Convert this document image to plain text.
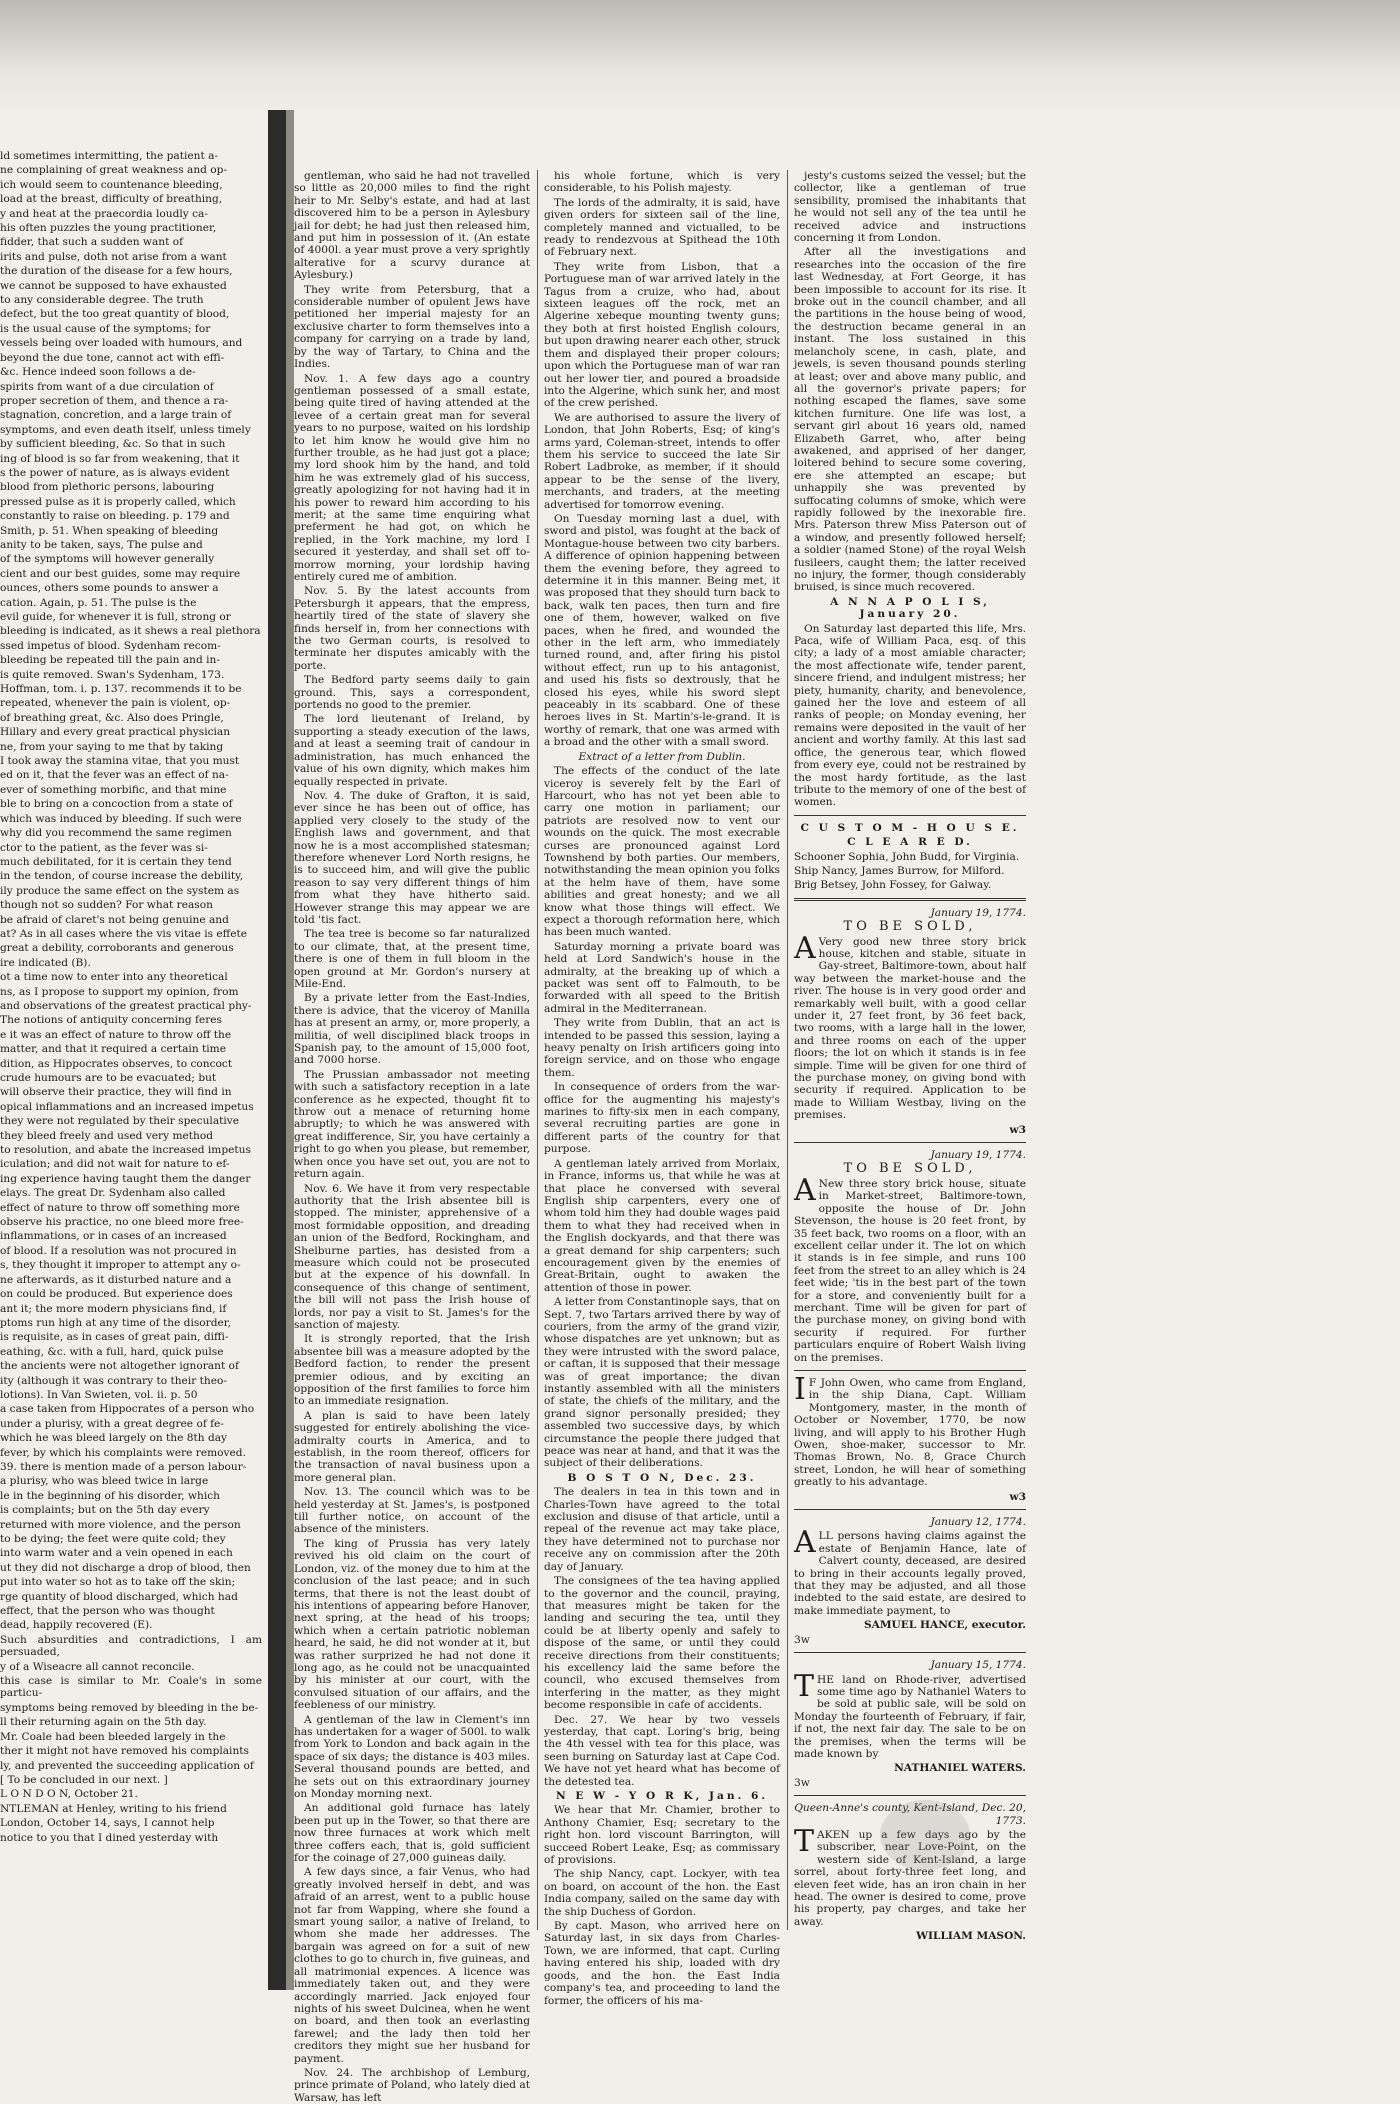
ld sometimes intermitting, the patient a-

ne complaining of great weakness and op-

ich would seem to countenance bleeding,

load at the breast, difficulty of breathing,

y and heat at the praecordia loudly ca-

his often puzzles the young practitioner,

fidder, that such a sudden want of

irits and pulse, doth not arise from a want

the duration of the disease for a few hours,

we cannot be supposed to have exhausted

to any considerable degree. The truth

defect, but the too great quantity of blood,

is the usual cause of the symptoms; for

vessels being over loaded with humours, and

beyond the due tone, cannot act with effi-

&c. Hence indeed soon follows a de-

spirits from want of a due circulation of

proper secretion of them, and thence a ra-

stagnation, concretion, and a large train of

symptoms, and even death itself, unless timely

by sufficient bleeding, &c. So that in such

ing of blood is so far from weakening, that it

s the power of nature, as is always evident

blood from plethoric persons, labouring

pressed pulse as it is properly called, which

constantly to raise on bleeding. p. 179 and

Smith, p. 51. When speaking of bleeding

anity to be taken, says, The pulse and

of the symptoms will however generally

cient and our best guides, some may require

ounces, others some pounds to answer a

cation. Again, p. 51. The pulse is the

evil guide, for whenever it is full, strong or

bleeding is indicated, as it shews a real plethora

ssed impetus of blood. Sydenham recom-

bleeding be repeated till the pain and in-

is quite removed. Swan's Sydenham, 173.

Hoffman, tom. i. p. 137. recommends it to be

repeated, whenever the pain is violent, op-

of breathing great, &c. Also does Pringle,

Hillary and every great practical physician

ne, from your saying to me that by taking

I took away the stamina vitae, that you must

ed on it, that the fever was an effect of na-

ever of something morbific, and that mine

ble to bring on a concoction from a state of

which was induced by bleeding. If such were

why did you recommend the same regimen

ctor to the patient, as the fever was si-

much debilitated, for it is certain they tend

in the tendon, of course increase the debility,

ily produce the same effect on the system as

though not so sudden? For what reason

be afraid of claret's not being genuine and

at? As in all cases where the vis vitae is effete

great a debility, corroborants and generous

ire indicated (B).

ot a time now to enter into any theoretical

ns, as I propose to support my opinion, from

and observations of the greatest practical phy-

The notions of antiquity concerning feres

e it was an effect of nature to throw off the

matter, and that it required a certain time

dition, as Hippocrates observes, to concoct

crude humours are to be evacuated; but

will observe their practice, they will find in

opical inflammations and an increased impetus

they were not regulated by their speculative

they bleed freely and used very method

to resolution, and abate the increased impetus

iculation; and did not wait for nature to ef-

ing experience having taught them the danger

elays. The great Dr. Sydenham also called

effect of nature to throw off something more

observe his practice, no one bleed more free-

inflammations, or in cases of an increased

of blood. If a resolution was not procured in

s, they thought it improper to attempt any o-

ne afterwards, as it disturbed nature and a

on could be produced. But experience does

ant it; the more modern physicians find, if

ptoms run high at any time of the disorder,

is requisite, as in cases of great pain, diffi-

eathing, &c. with a full, hard, quick pulse

the ancients were not altogether ignorant of

ity (although it was contrary to their theo-

lotions). In Van Swieten, vol. ii. p. 50

a case taken from Hippocrates of a person who

under a plurisy, with a great degree of fe-

which he was bleed largely on the 8th day

fever, by which his complaints were removed.

39. there is mention made of a person labour-

a plurisy, who was bleed twice in large

le in the beginning of his disorder, which

is complaints; but on the 5th day every

returned with more violence, and the person

to be dying; the feet were quite cold; they

into warm water and a vein opened in each

ut they did not discharge a drop of blood, then

put into water so hot as to take off the skin;

rge quantity of blood discharged, which had

effect, that the person who was thought

dead, happily recovered (E).

Such absurdities and contradictions, I am persuaded,

y of a Wiseacre all cannot reconcile.

this case is similar to Mr. Coale's in some particu-

symptoms being removed by bleeding in the be-

ll their returning again on the 5th day.

Mr. Coale had been bleeded largely in the

ther it might not have removed his complaints

ly, and prevented the succeeding application of

[ To be concluded in our next. ]

L O N D O N, October 21.

NTLEMAN at Henley, writing to his friend

London, October 14, says, I cannot help

notice to you that I dined yesterday with

gentleman, who said he had not travelled so little as 20,000 miles to find the right heir to Mr. Selby's estate, and had at last discovered him to be a person in Aylesbury jail for debt; he had just then released him, and put him in possession of it. (An estate of 4000l. a year must prove a very sprightly alterative for a scurvy durance at Aylesbury.)

They write from Petersburg, that a considerable number of opulent Jews have petitioned her imperial majesty for an exclusive charter to form themselves into a company for carrying on a trade by land, by the way of Tartary, to China and the Indies.

Nov. 1. A few days ago a country gentleman possessed of a small estate, being quite tired of having attended at the levee of a certain great man for several years to no purpose, waited on his lordship to let him know he would give him no further trouble, as he had just got a place; my lord shook him by the hand, and told him he was extremely glad of his success, greatly apologizing for not having had it in his power to reward him according to his merit; at the same time enquiring what preferment he had got, on which he replied, in the York machine, my lord I secured it yesterday, and shall set off to-morrow morning, your lordship having entirely cured me of ambition.

Nov. 5. By the latest accounts from Petersburgh it appears, that the empress, heartily tired of the state of slavery she finds herself in, from her connections with the two German courts, is resolved to terminate her disputes amicably with the porte.

The Bedford party seems daily to gain ground. This, says a correspondent, portends no good to the premier.

The lord lieutenant of Ireland, by supporting a steady execution of the laws, and at least a seeming trait of candour in administration, has much enhanced the value of his own dignity, which makes him equally respected in private.

Nov. 4. The duke of Grafton, it is said, ever since he has been out of office, has applied very closely to the study of the English laws and government, and that now he is a most accomplished statesman; therefore whenever Lord North resigns, he is to succeed him, and will give the public reason to say very different things of him from what they have hitherto said. However strange this may appear we are told 'tis fact.

The tea tree is become so far naturalized to our climate, that, at the present time, there is one of them in full bloom in the open ground at Mr. Gordon's nursery at Mile-End.

By a private letter from the East-Indies, there is advice, that the viceroy of Manilla has at present an army, or, more properly, a militia, of well disciplined black troops in Spanish pay, to the amount of 15,000 foot, and 7000 horse.

The Prussian ambassador not meeting with such a satisfactory reception in a late conference as he expected, thought fit to throw out a menace of returning home abruptly; to which he was answered with great indifference, Sir, you have certainly a right to go when you please, but remember, when once you have set out, you are not to return again.

Nov. 6. We have it from very respectable authority that the Irish absentee bill is stopped. The minister, apprehensive of a most formidable opposition, and dreading an union of the Bedford, Rockingham, and Shelburne parties, has desisted from a measure which could not be prosecuted but at the expence of his downfall. In consequence of this change of sentiment, the bill will not pass the Irish house of lords, nor pay a visit to St. James's for the sanction of majesty.

It is strongly reported, that the Irish absentee bill was a measure adopted by the Bedford faction, to render the present premier odious, and by exciting an opposition of the first families to force him to an immediate resignation.

A plan is said to have been lately suggested for entirely abolishing the vice-admiralty courts in America, and to establish, in the room thereof, officers for the transaction of naval business upon a more general plan.

Nov. 13. The council which was to be held yesterday at St. James's, is postponed till further notice, on account of the absence of the ministers.

The king of Prussia has very lately revived his old claim on the court of London, viz. of the money due to him at the conclusion of the last peace; and in such terms, that there is not the least doubt of his intentions of appearing before Hanover, next spring, at the head of his troops; which when a certain patriotic nobleman heard, he said, he did not wonder at it, but was rather surprized he had not done it long ago, as he could not be unacquainted by his minister at our court, with the convulsed situation of our affairs, and the feebleness of our ministry.

A gentleman of the law in Clement's inn has undertaken for a wager of 500l. to walk from York to London and back again in the space of six days; the distance is 403 miles. Several thousand pounds are betted, and he sets out on this extraordinary journey on Monday morning next.

An additional gold furnace has lately been put up in the Tower, so that there are now three furnaces at work which melt three coffers each, that is, gold sufficient for the coinage of 27,000 guineas daily.

A few days since, a fair Venus, who had greatly involved herself in debt, and was afraid of an arrest, went to a public house not far from Wapping, where she found a smart young sailor, a native of Ireland, to whom she made her addresses. The bargain was agreed on for a suit of new clothes to go to church in, five guineas, and all matrimonial expences. A licence was immediately taken out, and they were accordingly married. Jack enjoyed four nights of his sweet Dulcinea, when he went on board, and then took an everlasting farewel; and the lady then told her creditors they might sue her husband for payment.

Nov. 24. The archbishop of Lemburg, prince primate of Poland, who lately died at Warsaw, has left

his whole fortune, which is very considerable, to his Polish majesty.

The lords of the admiralty, it is said, have given orders for sixteen sail of the line, completely manned and victualled, to be ready to rendezvous at Spithead the 10th of February next.

They write from Lisbon, that a Portuguese man of war arrived lately in the Tagus from a cruize, who had, about sixteen leagues off the rock, met an Algerine xebeque mounting twenty guns; they both at first hoisted English colours, but upon drawing nearer each other, struck them and displayed their proper colours; upon which the Portuguese man of war ran out her lower tier, and poured a broadside into the Algerine, which sunk her, and most of the crew perished.

We are authorised to assure the livery of London, that John Roberts, Esq; of king's arms yard, Coleman-street, intends to offer them his service to succeed the late Sir Robert Ladbroke, as member, if it should appear to be the sense of the livery, merchants, and traders, at the meeting advertised for tomorrow evening.

On Tuesday morning last a duel, with sword and pistol, was fought at the back of Montague-house between two city barbers. A difference of opinion happening between them the evening before, they agreed to determine it in this manner. Being met, it was proposed that they should turn back to back, walk ten paces, then turn and fire one of them, however, walked on five paces, when he fired, and wounded the other in the left arm, who immediately turned round, and, after firing his pistol without effect, run up to his antagonist, and used his fists so dextrously, that he closed his eyes, while his sword slept peaceably in its scabbard. One of these heroes lives in St. Martin's-le-grand. It is worthy of remark, that one was armed with a broad and the other with a small sword.

Extract of a letter from Dublin.

The effects of the conduct of the late viceroy is severely felt by the Earl of Harcourt, who has not yet been able to carry one motion in parliament; our patriots are resolved now to vent our wounds on the quick. The most execrable curses are pronounced against Lord Townshend by both parties. Our members, notwithstanding the mean opinion you folks at the helm have of them, have some abilities and great honesty; and we all know what those things will effect. We expect a thorough reformation here, which has been much wanted.

Saturday morning a private board was held at Lord Sandwich's house in the admiralty, at the breaking up of which a packet was sent off to Falmouth, to be forwarded with all speed to the British admiral in the Mediterranean.

They write from Dublin, that an act is intended to be passed this session, laying a heavy penalty on Irish artificers going into foreign service, and on those who engage them.

In consequence of orders from the war-office for the augmenting his majesty's marines to fifty-six men in each company, several recruiting parties are gone in different parts of the country for that purpose.

A gentleman lately arrived from Morlaix, in France, informs us, that while he was at that place he conversed with several English ship carpenters, every one of whom told him they had double wages paid them to what they had received when in the English dockyards, and that there was a great demand for ship carpenters; such encouragement given by the enemies of Great-Britain, ought to awaken the attention of those in power.

A letter from Constantinople says, that on Sept. 7, two Tartars arrived there by way of couriers, from the army of the grand vizir, whose dispatches are yet unknown; but as they were intrusted with the sword palace, or caftan, it is supposed that their message was of great importance; the divan instantly assembled with all the ministers of state, the chiefs of the military, and the grand signor personally presided; they assembled two successive days, by which circumstance the people there judged that peace was near at hand, and that it was the subject of their deliberations.

B O S T O N, Dec. 23.

The dealers in tea in this town and in Charles-Town have agreed to the total exclusion and disuse of that article, until a repeal of the revenue act may take place, they have determined not to purchase nor receive any on commission after the 20th day of January.

The consignees of the tea having applied to the governor and the council, praying, that measures might be taken for the landing and securing the tea, until they could be at liberty openly and safely to dispose of the same, or until they could receive directions from their constituents; his excellency laid the same before the council, who excused themselves from interfering in the matter, as they might become responsible in cafe of accidents.

Dec. 27. We hear by two vessels yesterday, that capt. Loring's brig, being the 4th vessel with tea for this place, was seen burning on Saturday last at Cape Cod. We have not yet heard what has become of the detested tea.

N E W - Y O R K, Jan. 6.

We hear that Mr. Chamier, brother to Anthony Chamier, Esq; secretary to the right hon. lord viscount Barrington, will succeed Robert Leake, Esq; as commissary of provisions.

The ship Nancy, capt. Lockyer, with tea on board, on account of the hon. the East India company, sailed on the same day with the ship Duchess of Gordon.

By capt. Mason, who arrived here on Saturday last, in six days from Charles-Town, we are informed, that capt. Curling having entered his ship, loaded with dry goods, and the hon. the East India company's tea, and proceeding to land the former, the officers of his ma-

jesty's customs seized the vessel; but the collector, like a gentleman of true sensibility, promised the inhabitants that he would not sell any of the tea until he received advice and instructions concerning it from London.

After all the investigations and researches into the occasion of the fire last Wednesday, at Fort George, it has been impossible to account for its rise. It broke out in the council chamber, and all the partitions in the house being of wood, the destruction became general in an instant. The loss sustained in this melancholy scene, in cash, plate, and jewels, is seven thousand pounds sterling at least; over and above many public, and all the governor's private papers; for nothing escaped the flames, save some kitchen furniture. One life was lost, a servant girl about 16 years old, named Elizabeth Garret, who, after being awakened, and apprised of her danger, loitered behind to secure some covering, ere she attempted an escape; but unhappily she was prevented by suffocating columns of smoke, which were rapidly followed by the inexorable fire. Mrs. Paterson threw Miss Paterson out of a window, and presently followed herself; a soldier (named Stone) of the royal Welsh fusileers, caught them; the latter received no injury, the former, though considerably bruised, is since much recovered.

A N N A P O L I S, January 20.

On Saturday last departed this life, Mrs. Paca, wife of William Paca, esq. of this city; a lady of a most amiable character; the most affectionate wife, tender parent, sincere friend, and indulgent mistress; her piety, humanity, charity, and benevolence, gained her the love and esteem of all ranks of people; on Monday evening, her remains were deposited in the vault of her ancient and worthy family. At this last sad office, the generous tear, which flowed from every eye, could not be restrained by the most hardy fortitude, as the last tribute to the memory of one of the best of women.

C U S T O M - H O U S E.

C L E A R E D.

Schooner Sophia, John Budd, for Virginia.

Ship Nancy, James Burrow, for Milford.

Brig Betsey, John Fossey, for Galway.

January 19, 1774.

TO BE SOLD,

A Very good new three story brick house, kitchen and stable, situate in Gay-street, Baltimore-town, about half way between the market-house and the river. The house is in very good order and remarkably well built, with a good cellar under it, 27 feet front, by 36 feet back, two rooms, with a large hall in the lower, and three rooms on each of the upper floors; the lot on which it stands is in fee simple. Time will be given for one third of the purchase money, on giving bond with security if required. Application to be made to William Westbay, living on the premises.

w3

January 19, 1774.

TO BE SOLD,

A New three story brick house, situate in Market-street, Baltimore-town, opposite the house of Dr. John Stevenson, the house is 20 feet front, by 35 feet back, two rooms on a floor, with an excellent cellar under it. The lot on which it stands is in fee simple, and runs 100 feet from the street to an alley which is 24 feet wide; 'tis in the best part of the town for a store, and conveniently built for a merchant. Time will be given for part of the purchase money, on giving bond with security if required. For further particulars enquire of Robert Walsh living on the premises.

I F John Owen, who came from England, in the ship Diana, Capt. William Montgomery, master, in the month of October or November, 1770, be now living, and will apply to his Brother Hugh Owen, shoe-maker, successor to Mr. Thomas Brown, No. 8, Grace Church street, London, he will hear of something greatly to his advantage.

w3

January 12, 1774.

ALL persons having claims against the estate of Benjamin Hance, late of Calvert county, deceased, are desired to bring in their accounts legally proved, that they may be adjusted, and all those indebted to the said estate, are desired to make immediate payment, to

SAMUEL HANCE, executor.

3w

January 15, 1774.

THE land on Rhode-river, advertised some time ago by Nathaniel Waters to be sold at public sale, will be sold on Monday the fourteenth of February, if fair, if not, the next fair day. The sale to be on the premises, when the terms will be made known by

NATHANIEL WATERS.

3w

Queen-Anne's county, Kent-Island, Dec. 20, 1773.

TAKEN up a few days ago by the subscriber, near Love-Point, on the western side of Kent-Island, a large sorrel, about forty-three feet long, and eleven feet wide, has an iron chain in her head. The owner is desired to come, prove his property, pay charges, and take her away.

WILLIAM MASON.
